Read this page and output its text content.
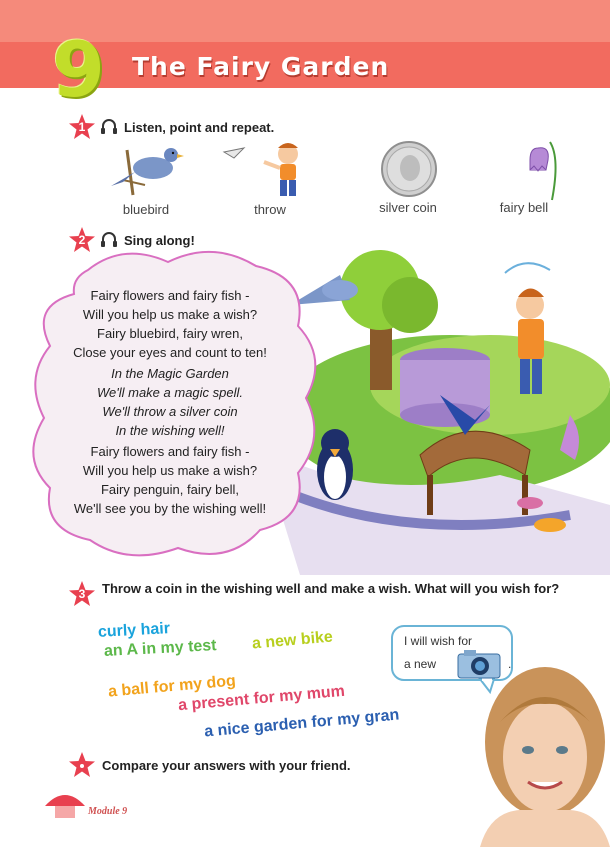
9 The Fairy Garden
1	Listen, point and repeat.
bluebird	throw	silver coin	fairy bell
2	Sing along!
Fairy flowers and fairy fish -
Will you help us make a wish?
Fairy bluebird, fairy wren,
Close your eyes and count to ten!
In the Magic Garden
We'll make a magic spell.
We'll throw a silver coin
In the wishing well!
Fairy flowers and fairy fish -
Will you help us make a wish?
Fairy penguin, fairy bell,
We'll see you by the wishing well!
3	Throw a coin in the wishing well and make a wish. What will you wish for?
curly hair
an A in my test a new bike
a ball for my dog
a present for my mum
a nice garden for my gran
I will wish for
a new	.
Compare your answers with your friend.
88
Module 9
